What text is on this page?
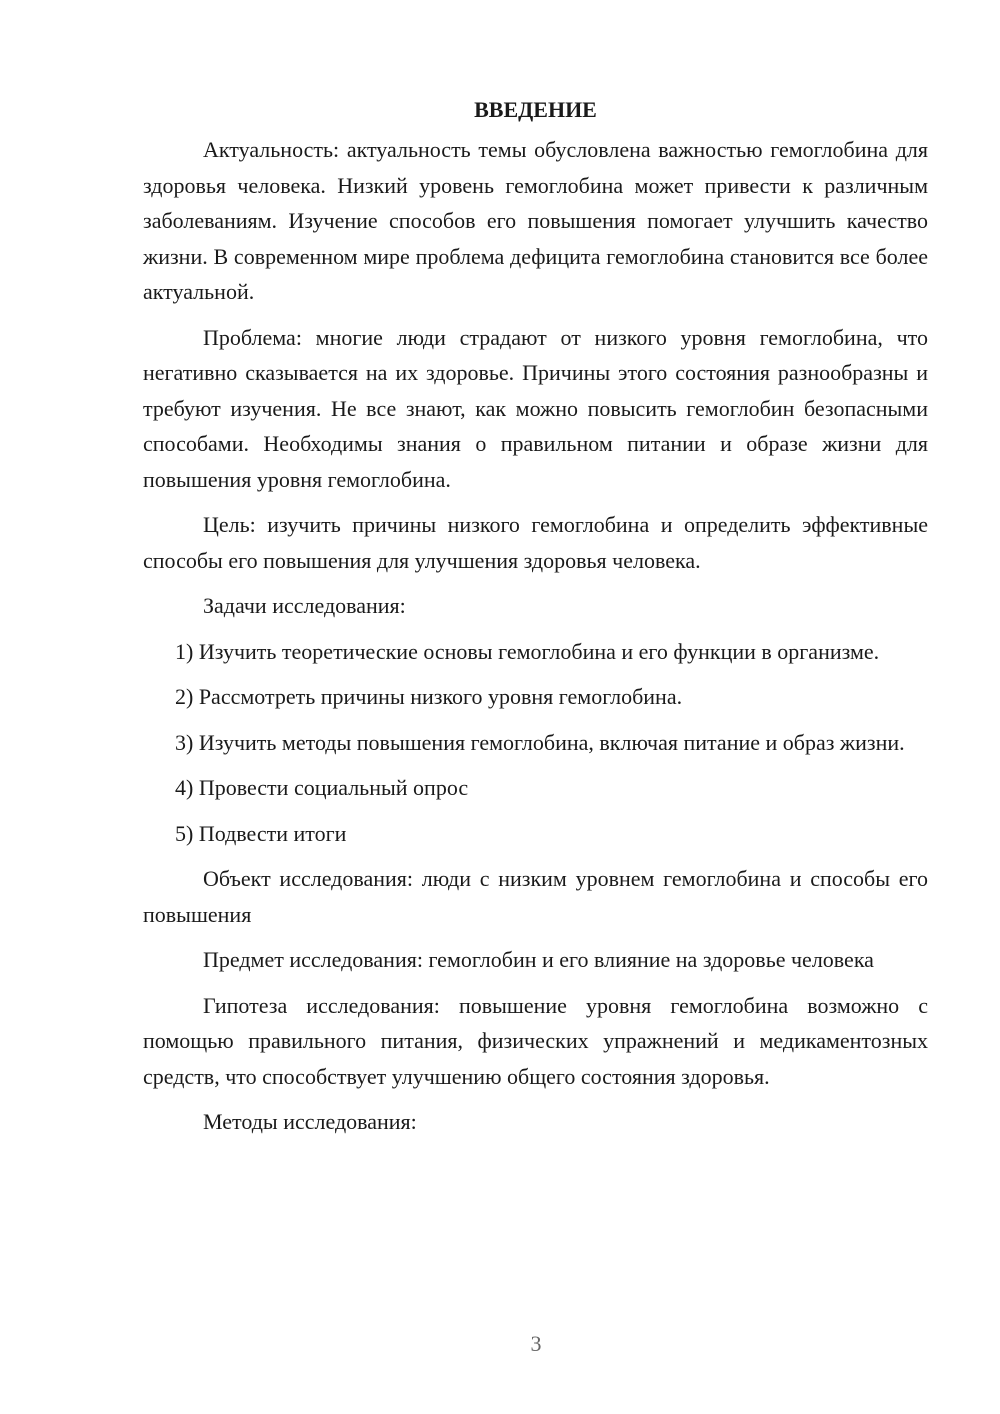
ВВЕДЕНИЕ

Актуальность: актуальность темы обусловлена важностью гемоглобина для здоровья человека. Низкий уровень гемоглобина может привести к различным заболеваниям. Изучение способов его повышения помогает улучшить качество жизни. В современном мире проблема дефицита гемоглобина становится все более актуальной.

Проблема: многие люди страдают от низкого уровня гемоглобина, что негативно сказывается на их здоровье. Причины этого состояния разнообразны и требуют изучения. Не все знают, как можно повысить гемоглобин безопасными способами. Необходимы знания о правильном питании и образе жизни для повышения уровня гемоглобина.

Цель: изучить причины низкого гемоглобина и определить эффективные способы его повышения для улучшения здоровья человека.

Задачи исследования:

1) Изучить теоретические основы гемоглобина и его функции в организме.

2) Рассмотреть причины низкого уровня гемоглобина.

3) Изучить методы повышения гемоглобина, включая питание и образ жизни.

4) Провести социальный опрос

5) Подвести итоги

Объект исследования: люди с низким уровнем гемоглобина и способы его повышения

Предмет исследования: гемоглобин и его влияние на здоровье человека

Гипотеза исследования: повышение уровня гемоглобина возможно с помощью правильного питания, физических упражнений и медикаментозных средств, что способствует улучшению общего состояния здоровья.

Методы исследования:

3
